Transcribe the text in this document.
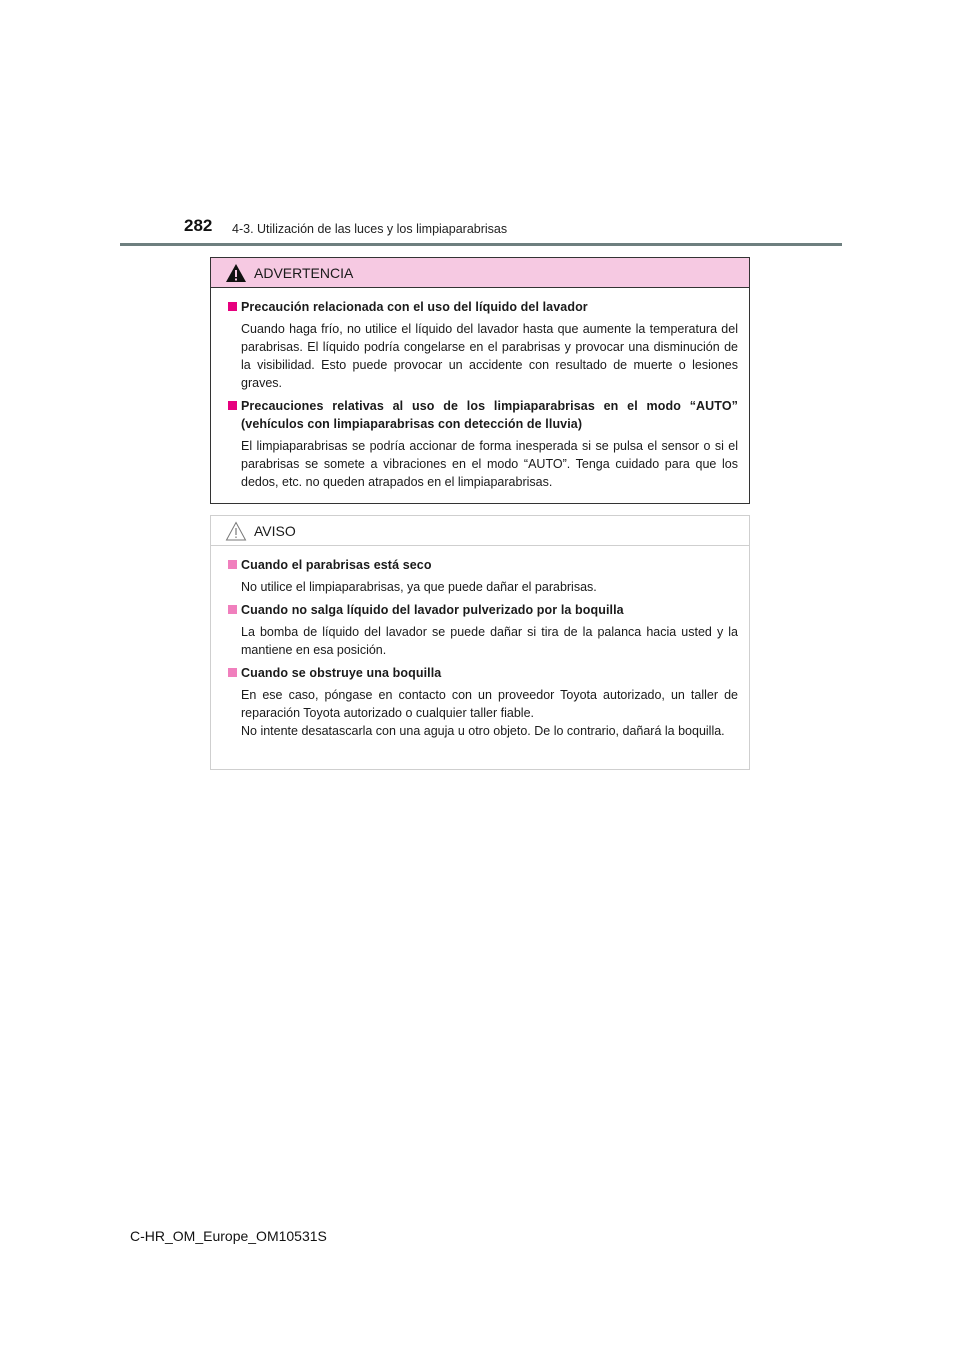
282 4-3. Utilización de las luces y los limpiaparabrisas
ADVERTENCIA
Precaución relacionada con el uso del líquido del lavador
Cuando haga frío, no utilice el líquido del lavador hasta que aumente la temperatura del parabrisas. El líquido podría congelarse en el parabrisas y provocar una disminución de la visibilidad. Esto puede provocar un accidente con resultado de muerte o lesiones graves.
Precauciones relativas al uso de los limpiaparabrisas en el modo “AUTO” (vehículos con limpiaparabrisas con detección de lluvia)
El limpiaparabrisas se podría accionar de forma inesperada si se pulsa el sensor o si el parabrisas se somete a vibraciones en el modo “AUTO”. Tenga cuidado para que los dedos, etc. no queden atrapados en el limpiaparabrisas.
AVISO
Cuando el parabrisas está seco
No utilice el limpiaparabrisas, ya que puede dañar el parabrisas.
Cuando no salga líquido del lavador pulverizado por la boquilla
La bomba de líquido del lavador se puede dañar si tira de la palanca hacia usted y la mantiene en esa posición.
Cuando se obstruye una boquilla
En ese caso, póngase en contacto con un proveedor Toyota autorizado, un taller de reparación Toyota autorizado o cualquier taller fiable.
No intente desatascarla con una aguja u otro objeto. De lo contrario, dañará la boquilla.
C-HR_OM_Europe_OM10531S
